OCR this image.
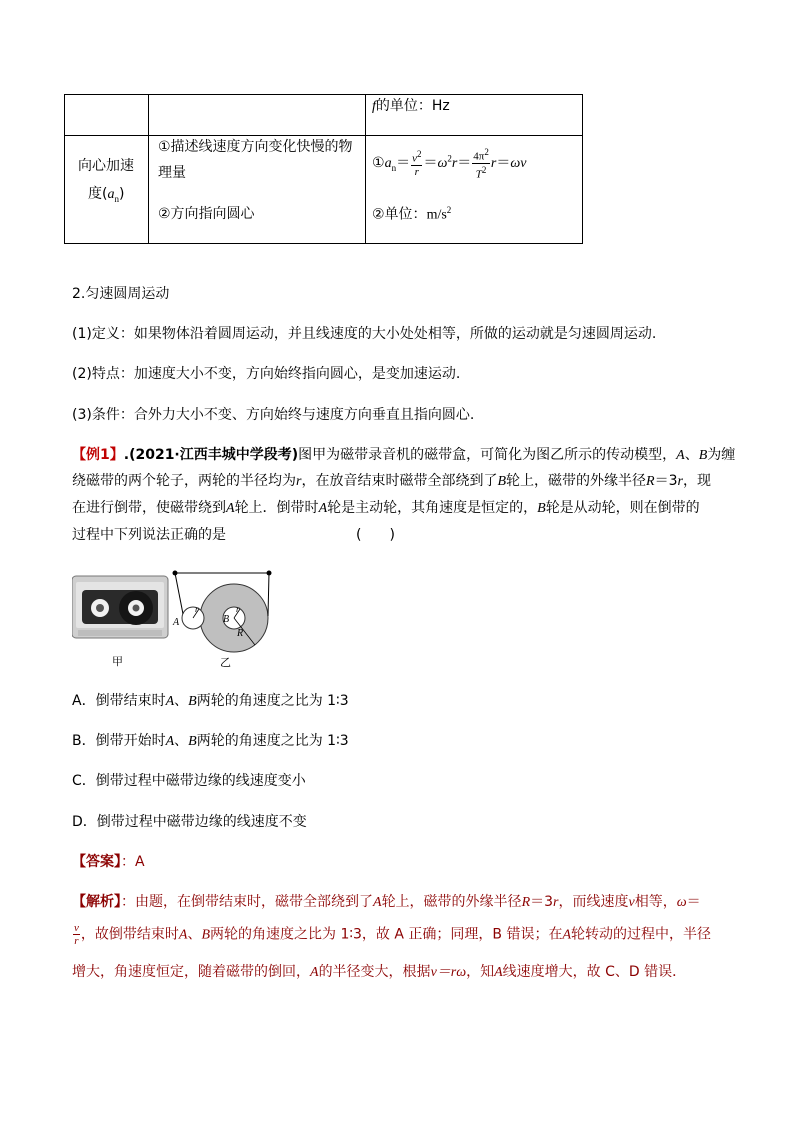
f的单位：Hz
向心加速
度$(a_n)$
①描述线速度方向变化快慢的物
理量
②方向指向圆心
$①a_n= \frac{v^2}{r} =\omega^2r= \frac{4\pi^2}{T^2} r=\omega v$
②单位：$m/s^2$
2.匀速圆周运动
(1)定义：如果物体沿着圆周运动，并且线速度的大小处处相等，所做的运动就是匀速圆周运动.
(2)特点：加速度大小不变，方向始终指向圆心，是变加速运动.
(3)条件：合外力大小不变、方向始终与速度方向垂直且指向圆心.
【例1】.(2021·江西丰城中学段考)图甲为磁带录音机的磁带盒，可简化为图乙所示的传动模型，A、B为缠
绕磁带的两个轮子，两轮的半径均为r，在放音结束时磁带全部绕到了B轮上，磁带的外缘半径R＝3r，现
在进行倒带，使磁带绕到A轮上．倒带时A轮是主动轮，其角速度是恒定的，B轮是从动轮，则在倒带的
过程中下列说法正确的是	(　　)
A
r
B
r
R
甲	乙
A．倒带结束时A、B两轮的角速度之比为 1∶3
B．倒带开始时A、B两轮的角速度之比为 1∶3
C．倒带过程中磁带边缘的线速度变小
D．倒带过程中磁带边缘的线速度不变
【答案】：A
【解析】：由题，在倒带结束时，磁带全部绕到了A轮上，磁带的外缘半径R＝3r，而线速度v相等，ω＝
$\frac{v}{r}$ ，故倒带结束时A、B两轮的角速度之比为 1∶3，故 A 正确；同理，B 错误；在A轮转动的过程中，半径
增大，角速度恒定，随着磁带的倒回，A的半径变大，根据v＝rω，知A线速度增大，故 C、D 错误．
